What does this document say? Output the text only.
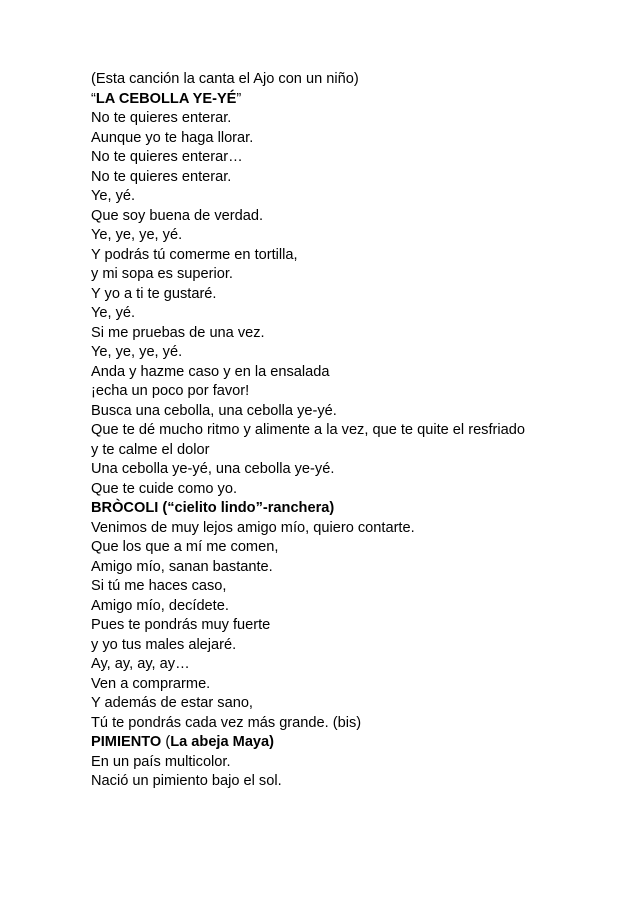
(Esta canción la canta el Ajo con un niño)
“LA CEBOLLA YE-YÉ”
No te quieres enterar.
Aunque yo te haga llorar.
No te quieres enterar…
No te quieres enterar.
Ye, yé.
Que soy buena de verdad.
Ye, ye, ye, yé.
Y podrás tú comerme en tortilla,
y mi sopa es superior.
Y yo a ti te gustaré.
Ye, yé.
Si me pruebas de una vez.
Ye, ye, ye, yé.
Anda y hazme caso y en la ensalada
¡echa un poco por favor!
Busca una cebolla, una cebolla ye-yé.
Que te dé mucho ritmo y alimente a la vez, que te quite el resfriado
y te calme el dolor
Una cebolla ye-yé, una cebolla ye-yé.
Que te cuide como yo.
BRÒCOLI (“cielito lindo”-ranchera)
Venimos de muy lejos amigo mío, quiero contarte.
Que los que a mí me comen,
Amigo mío, sanan bastante.
Si tú me haces caso,
Amigo mío, decídete.
Pues te pondrás muy fuerte
y yo tus males alejaré.
Ay, ay, ay, ay…
Ven a comprarme.
Y además de estar sano,
Tú te pondrás cada vez más grande. (bis)
PIMIENTO (La abeja Maya)
En un país multicolor.
Nació un pimiento bajo el sol.
